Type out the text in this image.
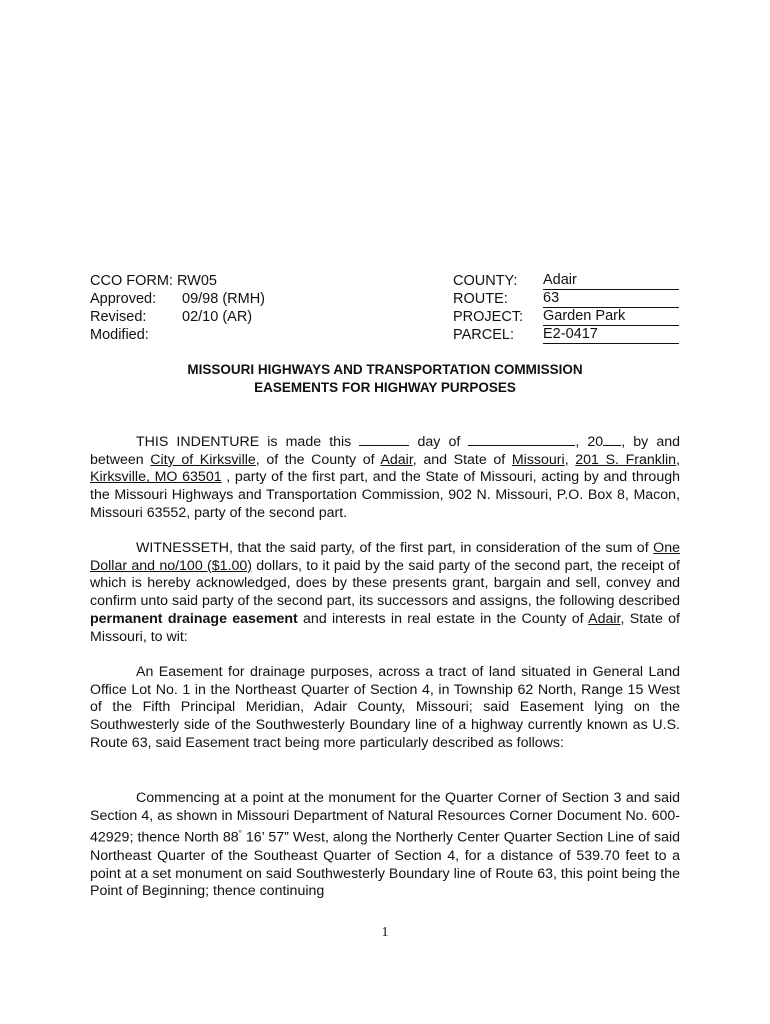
CCO FORM: RW05
Approved:	09/98 (RMH)
Revised:	02/10 (AR)
Modified:
COUNTY:	Adair
ROUTE:	63
PROJECT:	Garden Park
PARCEL:	E2-0417
MISSOURI HIGHWAYS AND TRANSPORTATION COMMISSION
EASEMENTS FOR HIGHWAY PURPOSES
THIS INDENTURE is made this	day of	, 20 , by and between City of Kirksville, of the County of Adair, and State of Missouri, 201 S. Franklin, Kirksville, MO 63501 , party of the first part, and the State of Missouri, acting by and through the Missouri Highways and Transportation Commission, 902 N. Missouri, P.O. Box 8, Macon, Missouri 63552, party of the second part.
WITNESSETH, that the said party, of the first part, in consideration of the sum of One Dollar and no/100 ($1.00) dollars, to it paid by the said party of the second part, the receipt of which is hereby acknowledged, does by these presents grant, bargain and sell, convey and confirm unto said party of the second part, its successors and assigns, the following described permanent drainage easement and interests in real estate in the County of Adair, State of Missouri, to wit:
An Easement for drainage purposes, across a tract of land situated in General Land Office Lot No. 1 in the Northeast Quarter of Section 4, in Township 62 North, Range 15 West of the Fifth Principal Meridian, Adair County, Missouri; said Easement lying on the Southwesterly side of the Southwesterly Boundary line of a highway currently known as U.S. Route 63, said Easement tract being more particularly described as follows:
Commencing at a point at the monument for the Quarter Corner of Section 3 and said Section 4, as shown in Missouri Department of Natural Resources Corner Document No. 600-42929; thence North 88° 16’ 57” West, along the Northerly Center Quarter Section Line of said Northeast Quarter of the Southeast Quarter of Section 4, for a distance of 539.70 feet to a point at a set monument on said Southwesterly Boundary line of Route 63, this point being the Point of Beginning; thence continuing
1
